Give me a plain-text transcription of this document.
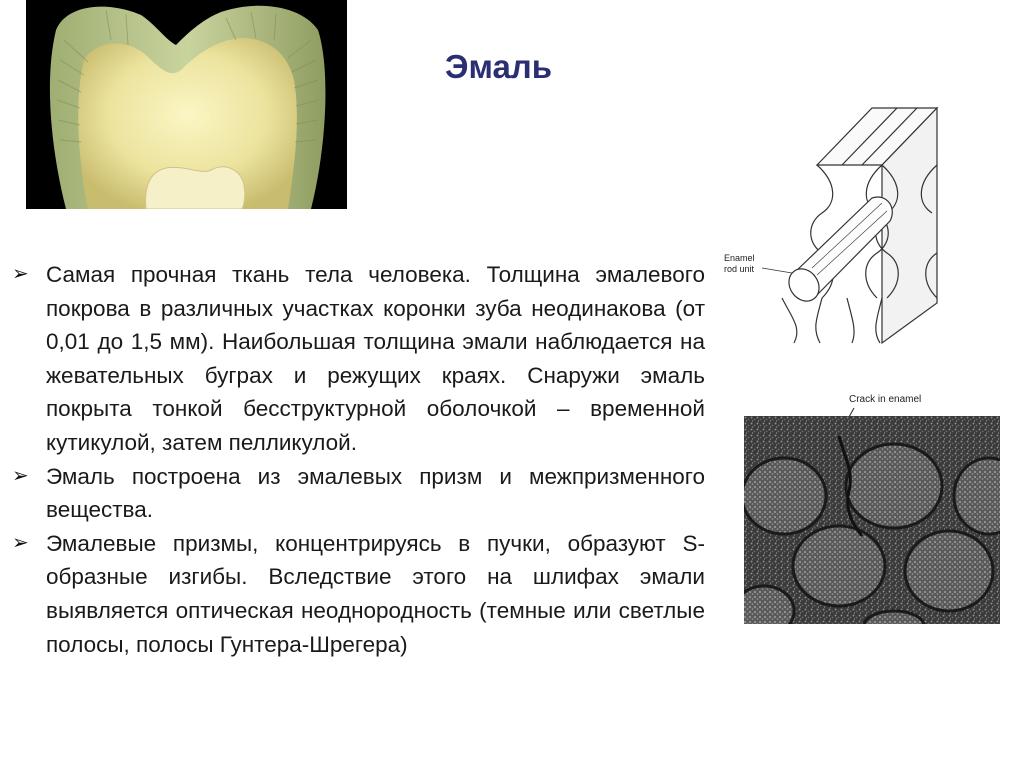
Эмаль
Enamel
rod unit
Crack in enamel
➢ Самая прочная ткань тела человека. Толщина эмалевого покрова в различных участках коронки зуба неодинакова (от 0,01 до 1,5 мм). Наибольшая толщина эмали наблюдается на жевательных буграх и режущих краях. Снаружи эмаль покрыта тонкой бесструктурной оболочкой – временной кутикулой, затем пелликулой.
➢ Эмаль построена из эмалевых призм и межпризменного вещества.
➢ Эмалевые призмы, концентрируясь в пучки, образуют S-образные изгибы. Вследствие этого на шлифах эмали выявляется оптическая неоднородность (темные или светлые полосы, полосы Гунтера-Шрегера)
